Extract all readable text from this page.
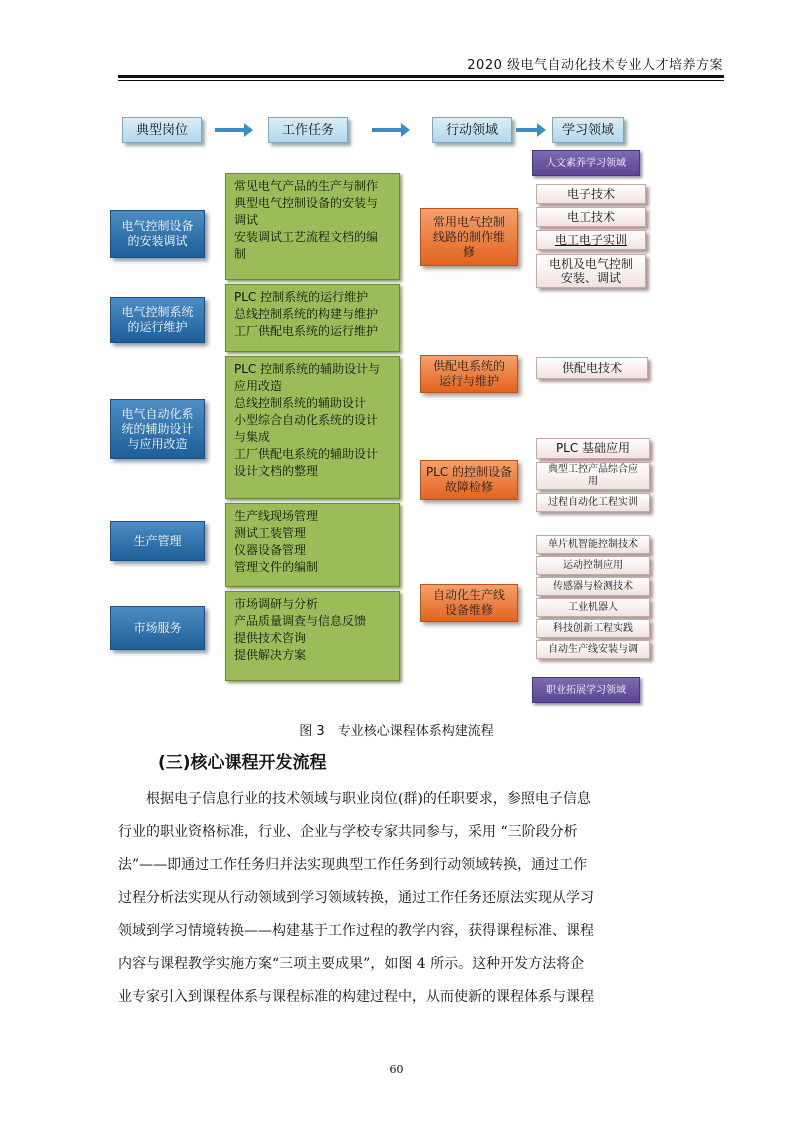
2020 级电气自动化技术专业人才培养方案
典型岗位	工作任务	行动领域	学习领域
电气控制设备
的安装调试
电气控制系统
的运行维护
电气自动化系
统的辅助设计
与应用改造
生产管理
市场服务
常见电气产品的生产与制作
典型电气控制设备的安装与
调试
安装调试工艺流程文档的编
制
PLC 控制系统的运行维护
总线控制系统的构建与维护
工厂供配电系统的运行维护
PLC 控制系统的辅助设计与
应用改造
总线控制系统的辅助设计
小型综合自动化系统的设计
与集成
工厂供配电系统的辅助设计
设计文档的整理
生产线现场管理
测试工装管理
仪器设备管理
管理文件的编制
市场调研与分析
产品质量调查与信息反馈
提供技术咨询
提供解决方案
常用电气控制
线路的制作维
修
供配电系统的
运行与维护
PLC 的控制设备
故障检修
自动化生产线
设备维修
人文素养学习领域
电子技术
电工技术
电工电子实训
电机及电气控制
安装、调试
供配电技术
PLC 基础应用
典型工控产品综合应
用
过程自动化工程实训
单片机智能控制技术
运动控制应用
传感器与检测技术
工业机器人
科技创新工程实践
自动生产线安装与调
职业拓展学习领域
图 3　专业核心课程体系构建流程
(三)核心课程开发流程
根据电子信息行业的技术领域与职业岗位(群)的任职要求，参照电子信息
行业的职业资格标准，行业、企业与学校专家共同参与，采用 “三阶段分析
法”——即通过工作任务归并法实现典型工作任务到行动领域转换，通过工作
过程分析法实现从行动领域到学习领域转换，通过工作任务还原法实现从学习
领域到学习情境转换——构建基于工作过程的教学内容，获得课程标准、课程
内容与课程教学实施方案“三项主要成果”，如图 4 所示。这种开发方法将企
业专家引入到课程体系与课程标准的构建过程中，从而使新的课程体系与课程
60
